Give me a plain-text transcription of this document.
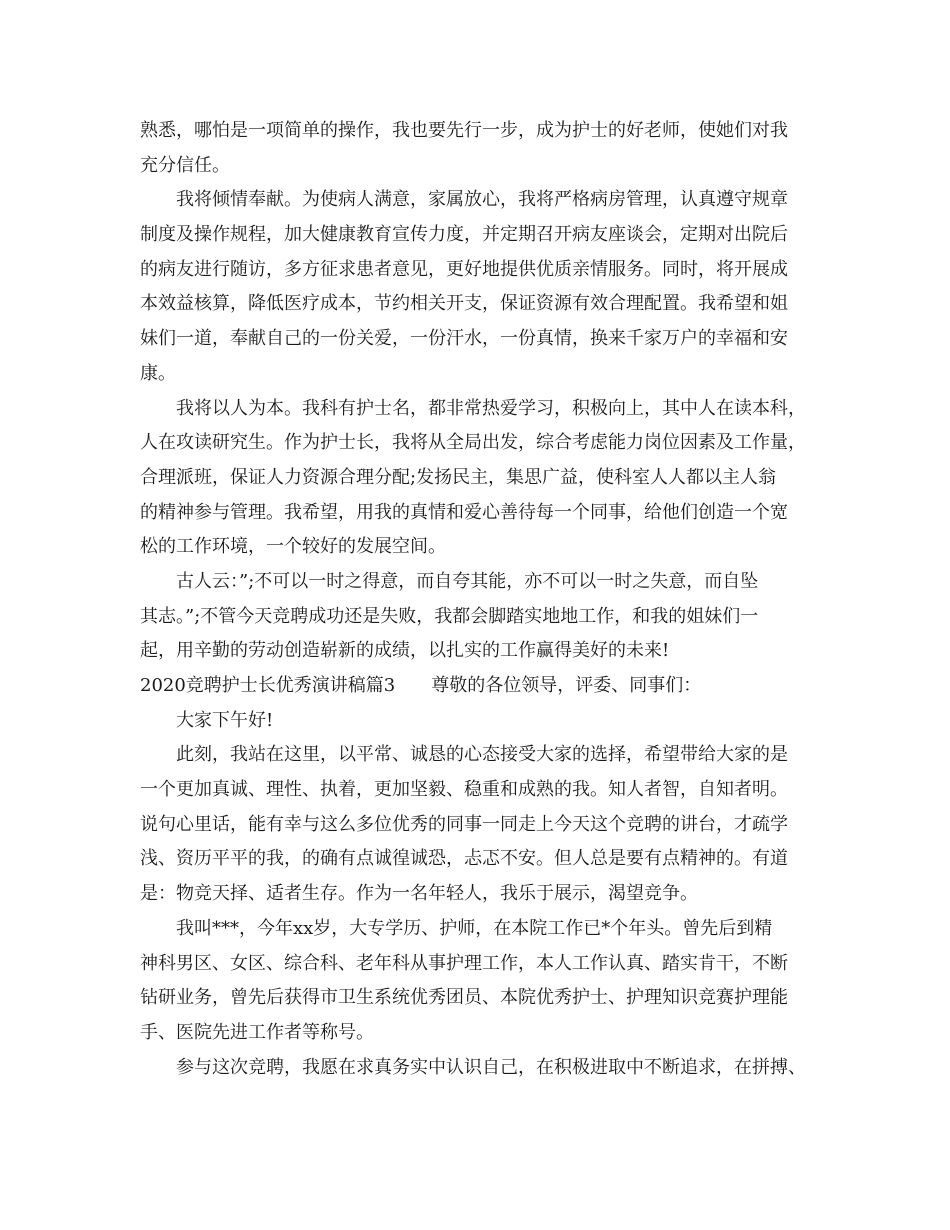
熟悉，哪怕是一项简单的操作，我也要先行一步，成为护士的好老师，使她们对我
充分信任。
我将倾情奉献。为使病人满意，家属放心，我将严格病房管理，认真遵守规章
制度及操作规程，加大健康教育宣传力度，并定期召开病友座谈会，定期对出院后
的病友进行随访，多方征求患者意见，更好地提供优质亲情服务。同时，将开展成
本效益核算，降低医疗成本，节约相关开支，保证资源有效合理配置。我希望和姐
妹们一道，奉献自己的一份关爱，一份汗水，一份真情，换来千家万户的幸福和安
康。
我将以人为本。我科有护士名，都非常热爱学习，积极向上，其中人在读本科，
人在攻读研究生。作为护士长，我将从全局出发，综合考虑能力岗位因素及工作量，
合理派班，保证人力资源合理分配;发扬民主，集思广益，使科室人人都以主人翁
的精神参与管理。我希望，用我的真情和爱心善待每一个同事，给他们创造一个宽
松的工作环境，一个较好的发展空间。
古人云：”;不可以一时之得意，而自夸其能，亦不可以一时之失意，而自坠
其志。”;不管今天竞聘成功还是失败，我都会脚踏实地地工作，和我的姐妹们一
起，用辛勤的劳动创造崭新的成绩，以扎实的工作赢得美好的未来!
2020竞聘护士长优秀演讲稿篇3　　尊敬的各位领导，评委、同事们：
大家下午好!
此刻，我站在这里，以平常、诚恳的心态接受大家的选择，希望带给大家的是
一个更加真诚、理性、执着，更加坚毅、稳重和成熟的我。知人者智，自知者明。
说句心里话，能有幸与这么多位优秀的同事一同走上今天这个竞聘的讲台，才疏学
浅、资历平平的我，的确有点诚徨诚恐，忐忑不安。但人总是要有点精神的。有道
是：物竞天择、适者生存。作为一名年轻人，我乐于展示，渴望竞争。
我叫***，今年xx岁，大专学历、护师，在本院工作已*个年头。曾先后到精
神科男区、女区、综合科、老年科从事护理工作，本人工作认真、踏实肯干，不断
钻研业务，曾先后获得市卫生系统优秀团员、本院优秀护士、护理知识竞赛护理能
手、医院先进工作者等称号。
参与这次竞聘，我愿在求真务实中认识自己，在积极进取中不断追求，在拼搏、
